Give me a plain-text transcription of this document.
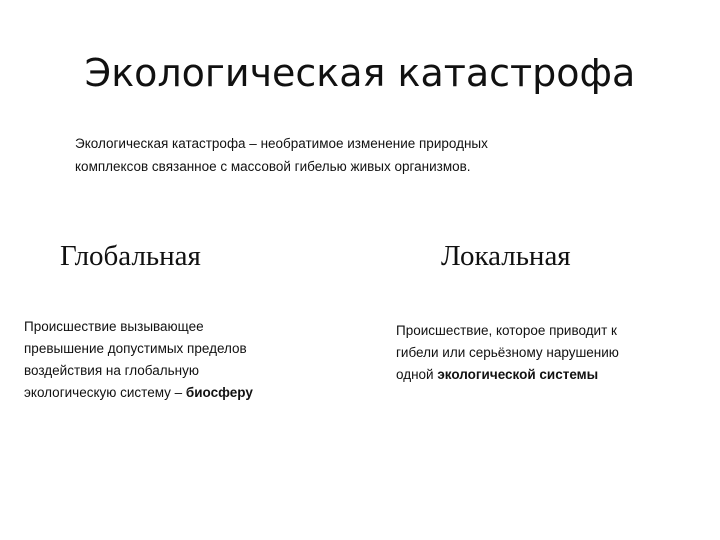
Экологическая катастрофа

Экологическая катастрофа – необратимое изменение природных
комплексов связанное с массовой гибелью живых организмов.

Глобальная	Локальная

Происшествие вызывающее
превышение допустимых пределов
воздействия на глобальную
экологическую систему – биосферу

Происшествие, которое приводит к
гибели или серьёзному нарушению
одной экологической системы
